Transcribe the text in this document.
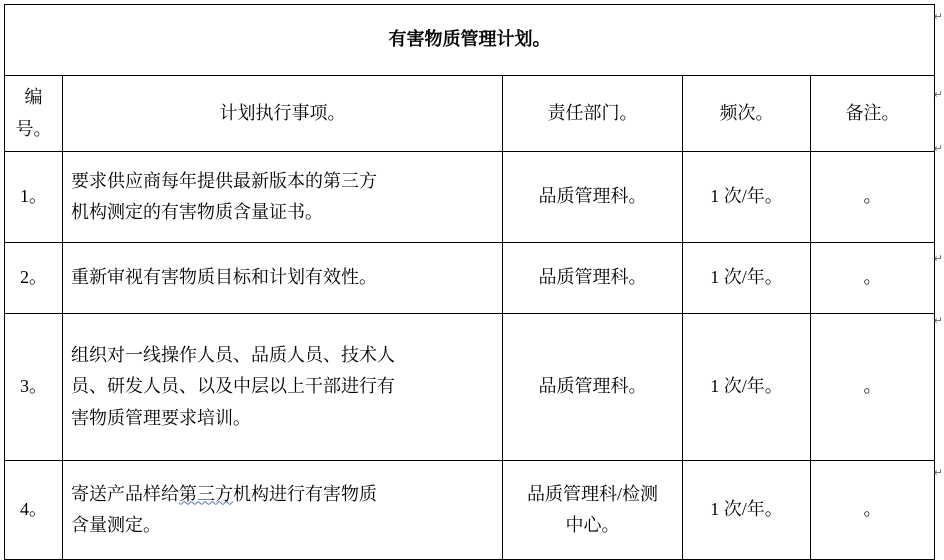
有害物质管理计划。				
编号。	计划执行事项。	责任部门。	频次。	备注。
1。	要求供应商每年提供最新版本的第三方
机构测定的有害物质含量证书。	品质管理科。	1 次/年。	。
2。	重新审视有害物质目标和计划有效性。	品质管理科。	1 次/年。	。
3。	组织对一线操作人员、品质人员、技术人
员、研发人员、以及中层以上干部进行有
害物质管理要求培训。	品质管理科。	1 次/年。	。
4。	寄送产品样给第三方机构进行有害物质
含量测定。	品质管理科/检测
中心。	1 次/年。	。
↵
↵
↵
↵
↵
↵
